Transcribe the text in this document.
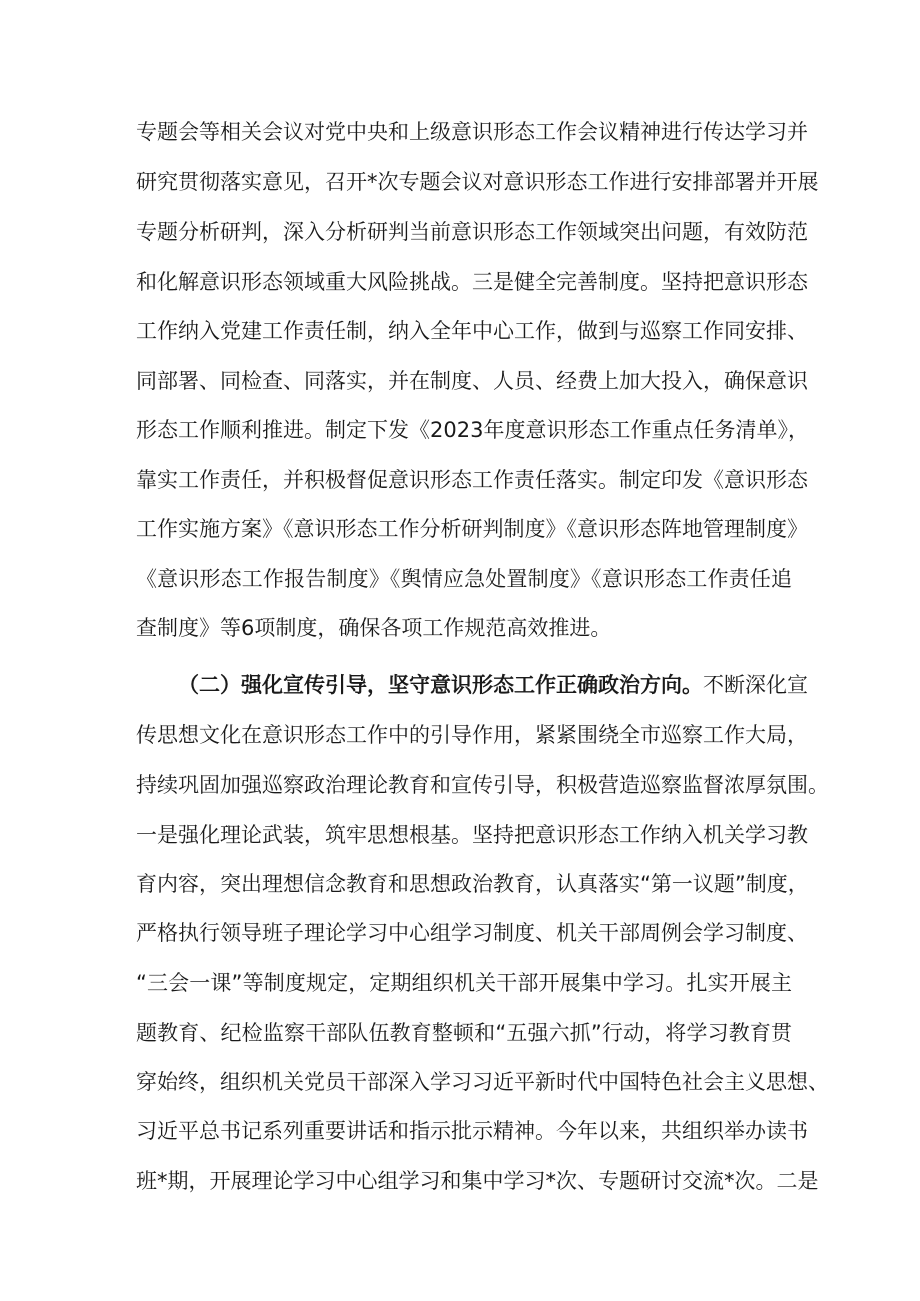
专题会等相关会议对党中央和上级意识形态工作会议精神进行传达学习并
研究贯彻落实意见，召开*次专题会议对意识形态工作进行安排部署并开展
专题分析研判，深入分析研判当前意识形态工作领域突出问题，有效防范
和化解意识形态领域重大风险挑战。三是健全完善制度。坚持把意识形态
工作纳入党建工作责任制，纳入全年中心工作，做到与巡察工作同安排、
同部署、同检查、同落实，并在制度、人员、经费上加大投入，确保意识
形态工作顺利推进。制定下发《2023年度意识形态工作重点任务清单》，
靠实工作责任，并积极督促意识形态工作责任落实。制定印发《意识形态
工作实施方案》《意识形态工作分析研判制度》《意识形态阵地管理制度》
《意识形态工作报告制度》《舆情应急处置制度》《意识形态工作责任追
查制度》等6项制度，确保各项工作规范高效推进。
（二）强化宣传引导，坚守意识形态工作正确政治方向。不断深化宣
传思想文化在意识形态工作中的引导作用，紧紧围绕全市巡察工作大局，
持续巩固加强巡察政治理论教育和宣传引导，积极营造巡察监督浓厚氛围。
一是强化理论武装，筑牢思想根基。坚持把意识形态工作纳入机关学习教
育内容，突出理想信念教育和思想政治教育，认真落实“第一议题”制度，
严格执行领导班子理论学习中心组学习制度、机关干部周例会学习制度、
“三会一课”等制度规定，定期组织机关干部开展集中学习。扎实开展主
题教育、纪检监察干部队伍教育整顿和“五强六抓”行动，将学习教育贯
穿始终，组织机关党员干部深入学习习近平新时代中国特色社会主义思想、
习近平总书记系列重要讲话和指示批示精神。今年以来，共组织举办读书
班*期，开展理论学习中心组学习和集中学习*次、专题研讨交流*次。二是
